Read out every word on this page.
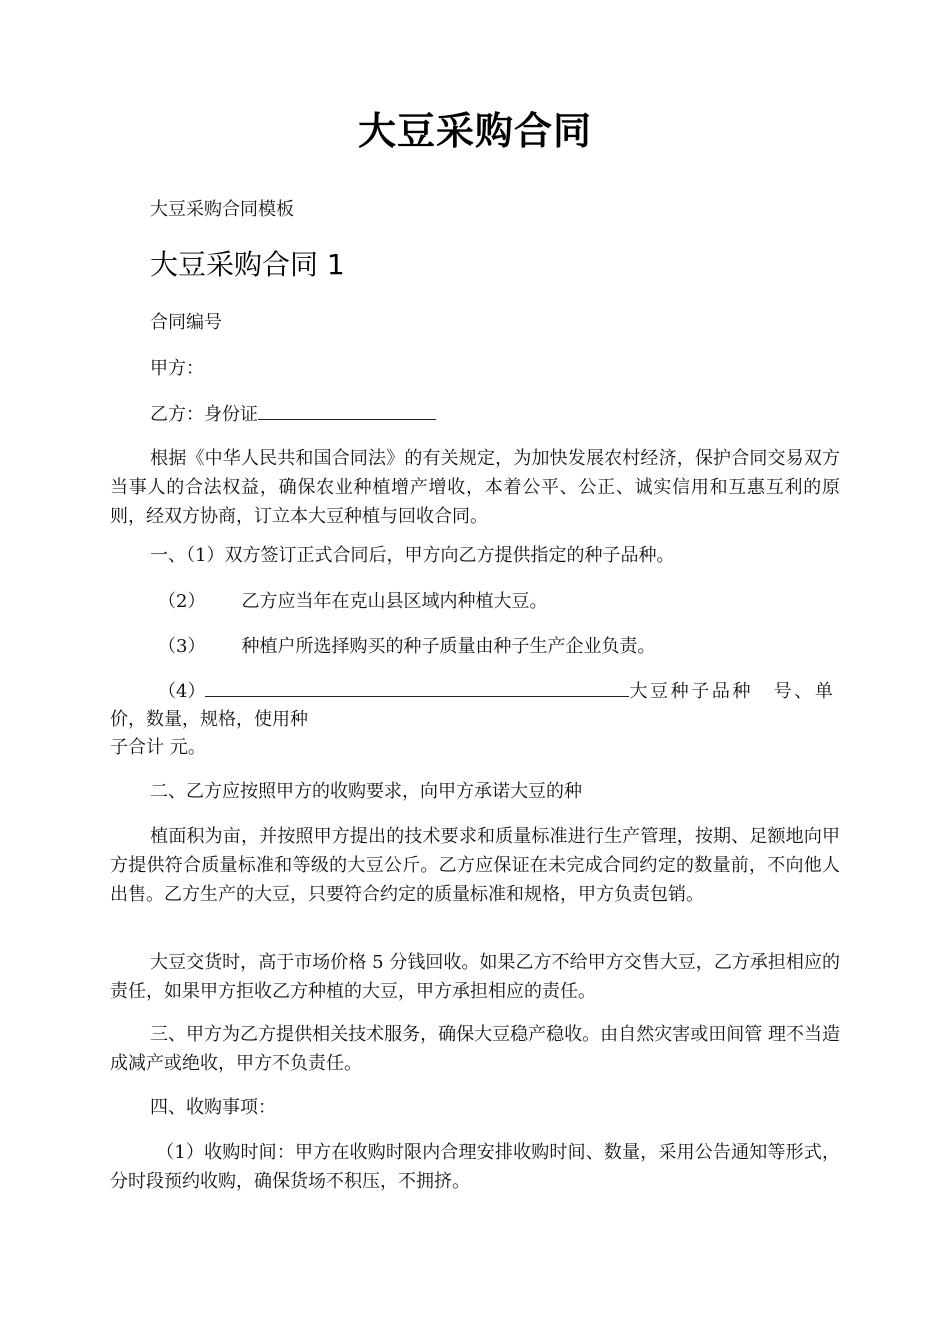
大豆采购合同
大豆采购合同模板
大豆采购合同 1
合同编号
甲方：
乙方：身份证
根据《中华人民共和国合同法》的有关规定，为加快发展农村经济，保护合同交易双方当事人的合法权益，确保农业种植增产增收，本着公平、公正、诚实信用和互惠互利的原则，经双方协商，订立本大豆种植与回收合同。
一、（1）双方签订正式合同后，甲方向乙方提供指定的种子品种。
（2） 乙方应当年在克山县区域内种植大豆。
（3） 种植户所选择购买的种子质量由种子生产企业负责。
（4）	大豆种子品种　号、单
价，数量，规格，使用种
子合计 元。
二、乙方应按照甲方的收购要求，向甲方承诺大豆的种
植面积为亩，并按照甲方提出的技术要求和质量标准进行生产管理，按期、足额地向甲方提供符合质量标准和等级的大豆公斤。乙方应保证在未完成合同约定的数量前，不向他人出售。乙方生产的大豆，只要符合约定的质量标准和规格，甲方负责包销。
大豆交货时，高于市场价格 5 分钱回收。如果乙方不给甲方交售大豆，乙方承担相应的责任，如果甲方拒收乙方种植的大豆，甲方承担相应的责任。
三、甲方为乙方提供相关技术服务，确保大豆稳产稳收。由自然灾害或田间管 理不当造成减产或绝收，甲方不负责任。
四、收购事项：
（1）收购时间：甲方在收购时限内合理安排收购时间、数量，采用公告通知等形式，分时段预约收购，确保货场不积压，不拥挤。
